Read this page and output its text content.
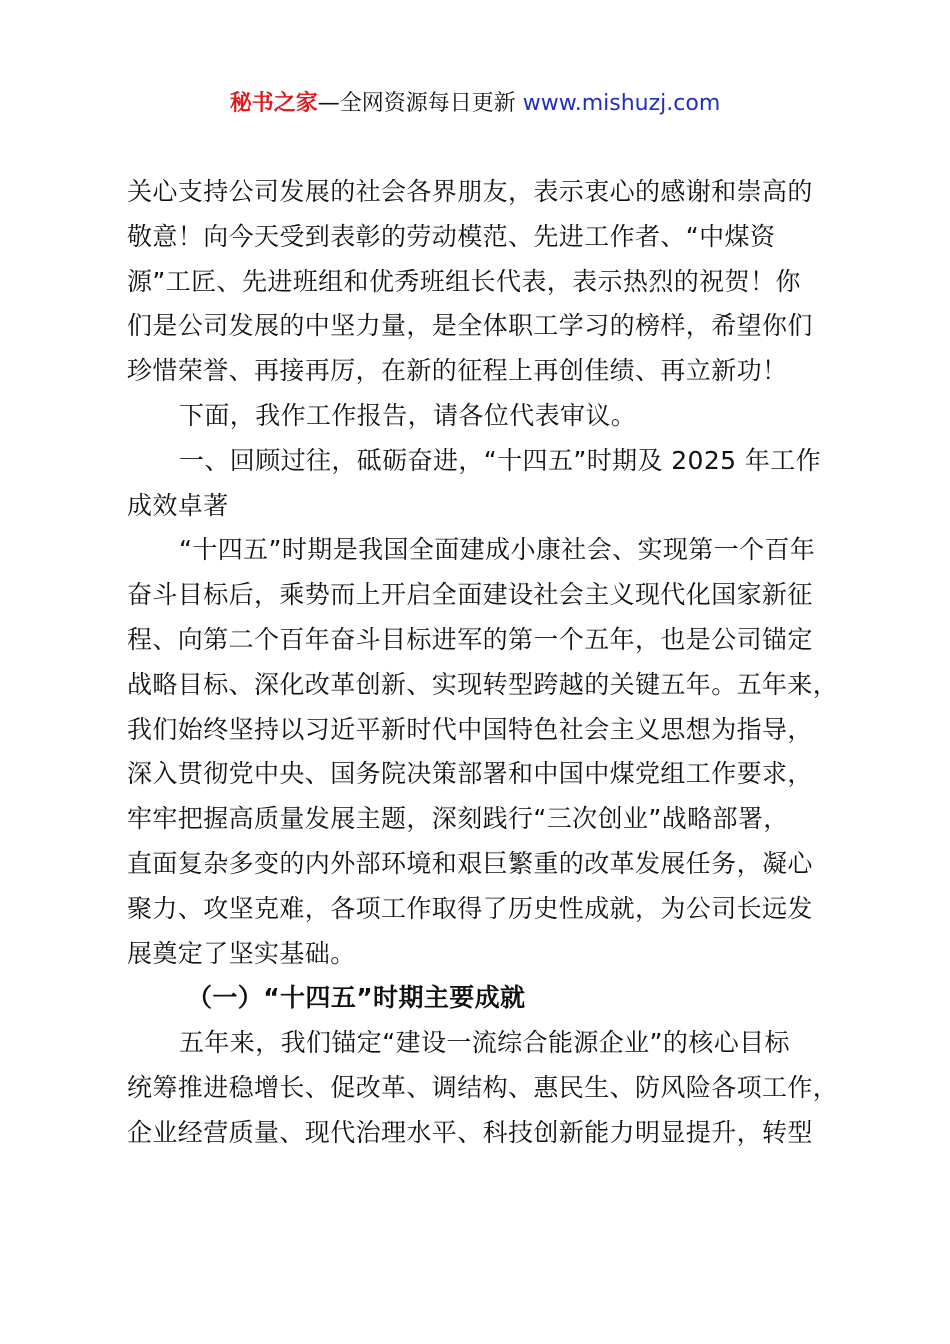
秘书之家—全网资源每日更新 www.mishuzj.com
关心支持公司发展的社会各界朋友，表示衷心的感谢和崇高的
敬意！向今天受到表彰的劳动模范、先进工作者、“中煤资
源”工匠、先进班组和优秀班组长代表，表示热烈的祝贺！你
们是公司发展的中坚力量，是全体职工学习的榜样，希望你们
珍惜荣誉、再接再厉，在新的征程上再创佳绩、再立新功！
下面，我作工作报告，请各位代表审议。
一、回顾过往，砥砺奋进，“十四五”时期及 2025 年工作
成效卓著
“十四五”时期是我国全面建成小康社会、实现第一个百年
奋斗目标后，乘势而上开启全面建设社会主义现代化国家新征
程、向第二个百年奋斗目标进军的第一个五年，也是公司锚定
战略目标、深化改革创新、实现转型跨越的关键五年。五年来，
我们始终坚持以习近平新时代中国特色社会主义思想为指导，
深入贯彻党中央、国务院决策部署和中国中煤党组工作要求，
牢牢把握高质量发展主题，深刻践行“三次创业”战略部署，
直面复杂多变的内外部环境和艰巨繁重的改革发展任务，凝心
聚力、攻坚克难，各项工作取得了历史性成就，为公司长远发
展奠定了坚实基础。
（一）“十四五”时期主要成就
五年来，我们锚定“建设一流综合能源企业”的核心目标
统筹推进稳增长、促改革、调结构、惠民生、防风险各项工作，
企业经营质量、现代治理水平、科技创新能力明显提升，转型
